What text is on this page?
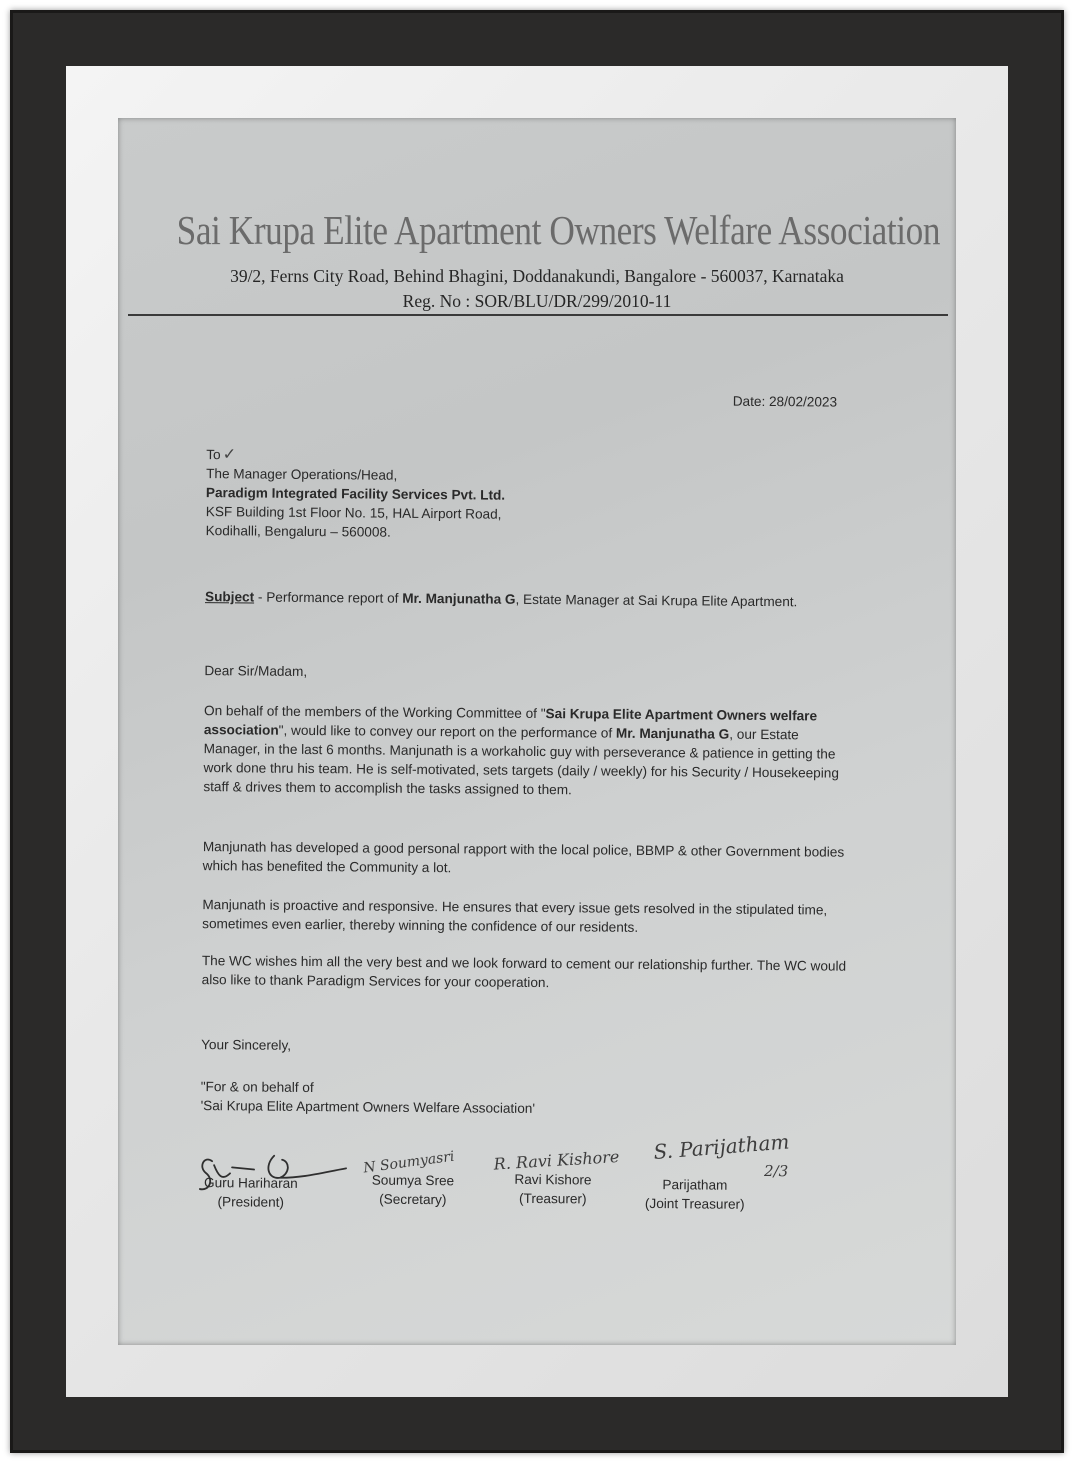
Sai Krupa Elite Apartment Owners Welfare Association
39/2, Ferns City Road, Behind Bhagini, Doddanakundi, Bangalore - 560037, Karnataka
Reg. No : SOR/BLU/DR/299/2010-11
Date: 28/02/2023
To ✓
The Manager Operations/Head,
Paradigm Integrated Facility Services Pvt. Ltd.
KSF Building 1st Floor No. 15, HAL Airport Road,
Kodihalli, Bengaluru – 560008.
Subject - Performance report of Mr. Manjunatha G, Estate Manager at Sai Krupa Elite Apartment.
Dear Sir/Madam,
On behalf of the members of the Working Committee of "Sai Krupa Elite Apartment Owners welfare association", would like to convey our report on the performance of Mr. Manjunatha G, our Estate Manager, in the last 6 months. Manjunath is a workaholic guy with perseverance & patience in getting the work done thru his team. He is self-motivated, sets targets (daily / weekly) for his Security / Housekeeping staff & drives them to accomplish the tasks assigned to them.
Manjunath has developed a good personal rapport with the local police, BBMP & other Government bodies which has benefited the Community a lot.
Manjunath is proactive and responsive. He ensures that every issue gets resolved in the stipulated time, sometimes even earlier, thereby winning the confidence of our residents.
The WC wishes him all the very best and we look forward to cement our relationship further. The WC would also like to thank Paradigm Services for your cooperation.
Your Sincerely,
"For & on behalf of
'Sai Krupa Elite Apartment Owners Welfare Association'
N Soumyasri R. Ravi Kishore S. Parijatham
2/3
Guru Hariharan
(President)
Soumya Sree
(Secretary)
Ravi Kishore
(Treasurer)
Parijatham
(Joint Treasurer)
